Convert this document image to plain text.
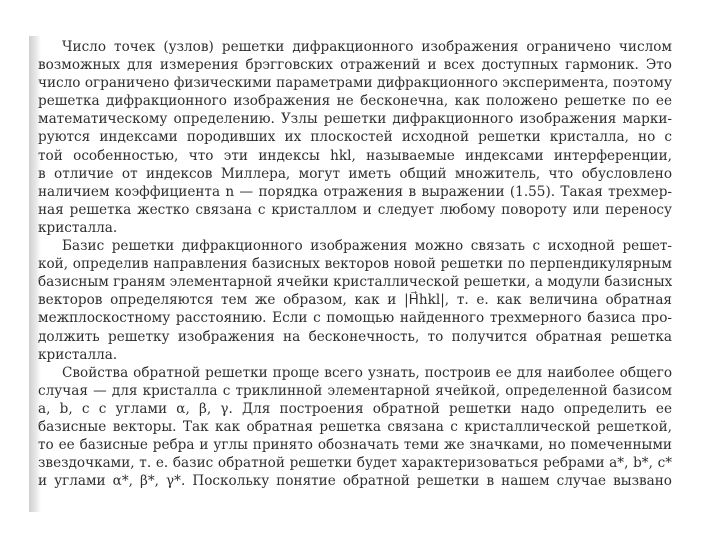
Число точек (узлов) решетки дифракционного изображения ограничено числом
возможных для измерения брэгговских отражений и всех доступных гармоник. Это
число ограничено физическими параметрами дифракционного эксперимента, поэтому
решетка дифракционного изображения не бесконечна, как положено решетке по ее
математическому определению. Узлы решетки дифракционного изображения марки-
руются индексами породивших их плоскостей исходной решетки кристалла, но с
той особенностью, что эти индексы hkl, называемые индексами интерференции,
в отличие от индексов Миллера, могут иметь общий множитель, что обусловлено
наличием коэффициента n — порядка отражения в выражении (1.55). Такая трехмер-
ная решетка жестко связана с кристаллом и следует любому повороту или переносу
кристалла.
Базис решетки дифракционного изображения можно связать с исходной решет-
кой, определив направления базисных векторов новой решетки по перпендикулярным
базисным граням элементарной ячейки кристаллической решетки, а модули базисных
векторов определяются тем же образом, как и |H⃗hkl|, т. е. как величина обратная
межплоскостному расстоянию. Если с помощью найденного трехмерного базиса про-
должить решетку изображения на бесконечность, то получится обратная решетка
кристалла.
Свойства обратной решетки проще всего узнать, построив ее для наиболее общего
случая — для кристалла с триклинной элементарной ячейкой, определенной базисом
a, b, c с углами α, β, γ. Для построения обратной решетки надо определить ее
базисные векторы. Так как обратная решетка связана с кристаллической решеткой,
то ее базисные ребра и углы принято обозначать теми же значками, но помеченными
звездочками, т. е. базис обратной решетки будет характеризоваться ребрами a*, b*, c*
и углами α*, β*, γ*. Поскольку понятие обратной решетки в нашем случае вызвано
